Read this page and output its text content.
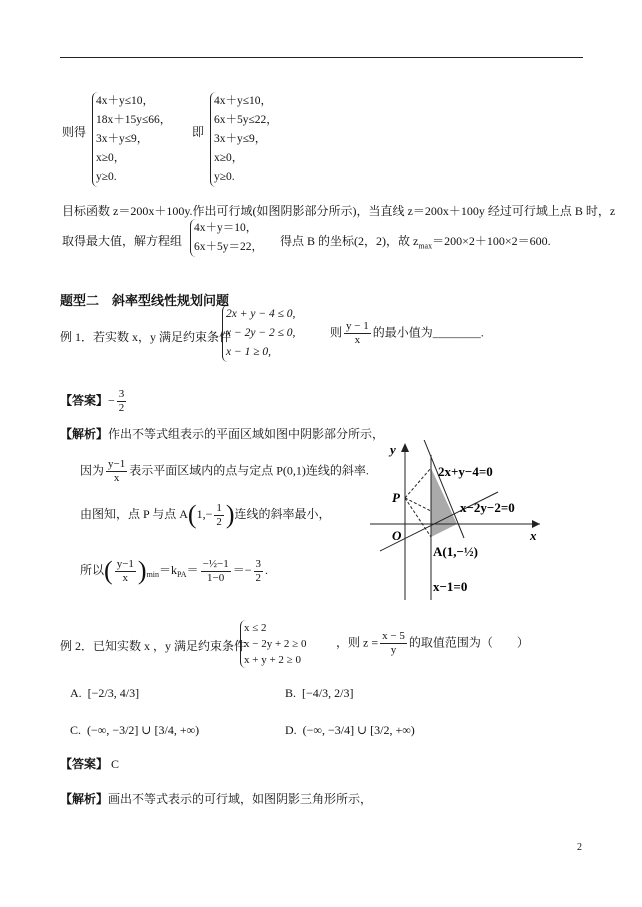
则得
4x＋y≤10，
18x＋15y≤66，
3x＋y≤9，
x≥0，
y≥0.
即
4x＋y≤10，
6x＋5y≤22，
3x＋y≤9，
x≥0，
y≥0.
目标函数 z＝200x＋100y.作出可行域(如图阴影部分所示)，当直线 z＝200x＋100y 经过可行域上点 B 时，z
取得最大值，解方程组
4x＋y＝10，
6x＋5y＝22， 得点 B 的坐标(2，2)，故 $z_{max}=200\times 2+100\times 2=600$.
题型二　斜率型线性规划问题
例 1．若实数 x，y 满足约束条件
2x + y − 4 ≤ 0,
x − 2y − 2 ≤ 0,
x − 1 ≥ 0,
则 $\frac{y - 1}{x}$ 的最小值为________.
【答案】− $\frac{3}{2}$
【解析】作出不等式组表示的平面区域如图中阴影部分所示，
因为 $\frac{y-1}{x}$ 表示平面区域内的点与定点 P(0,1)连线的斜率.
由图知，点 P 与点 $A(1,- \frac{1}{2}$ )连线的斜率最小，
所以( $\frac{y-1}{x} )_{min}=k_{PA}= \frac{\text{−½−1}}{1-0} =- \frac{3}{2}$ .
y
x
O
P
A(1,−½)
2x+y−4=0
x−2y−2=0
x−1=0
例 2．已知实数 x ，y 满足约束条件
x ≤ 2
x − 2y + 2 ≥ 0
x + y + 2 ≥ 0
，则 $z = \frac{x - 5}{y}$ 的取值范围为（　　）
A. [−2/3, 4/3]	B. [−4/3, 2/3]
C. (−∞, −3/2] ∪ [3/4, +∞)	D. (−∞, −3/4] ∪ [3/2, +∞)
【答案】 C
【解析】画出不等式表示的可行域，如图阴影三角形所示，
2
